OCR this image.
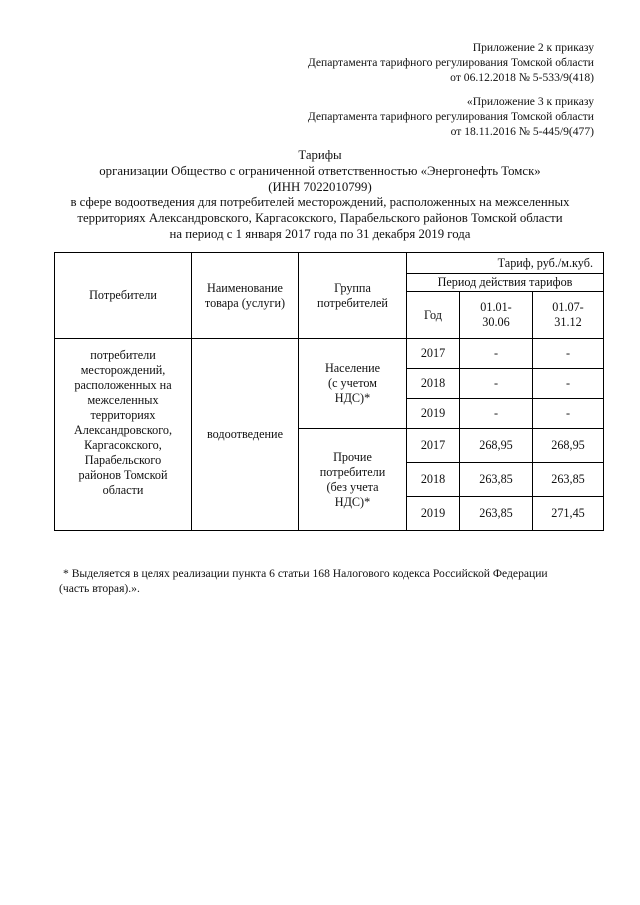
Приложение 2 к приказу
Департамента тарифного регулирования Томской области
от 06.12.2018 № 5-533/9(418)
«Приложение 3 к приказу
Департамента тарифного регулирования Томской области
от 18.11.2016 № 5-445/9(477)
Тарифы
организации Общество с ограниченной ответственностью «Энергонефть Томск»
(ИНН 7022010799)
в сфере водоотведения для потребителей месторождений, расположенных на межселенных
территориях Александровского, Каргасокского, Парабельского районов Томской области
на период с 1 января 2017 года по 31 декабря 2019 года
Потребители	Наименование товара (услуги)	Группа потребителей	Тариф, руб./м.куб.		
			Период действия тарифов		
			Год	01.01-30.06	01.07-31.12
потребители месторождений, расположенных на межселенных территориях Александровского, Каргасокского, Парабельского районов Томской области	водоотведение	Население (с учетом НДС)*	2017	-	-
			2018	-	-
			2019	-	-
		Прочие потребители (без учета НДС)*	2017	268,95	268,95
			2018	263,85	263,85
			2019	263,85	271,45
* Выделяется в целях реализации пункта 6 статьи 168 Налогового кодекса Российской Федерации
(часть вторая).».
